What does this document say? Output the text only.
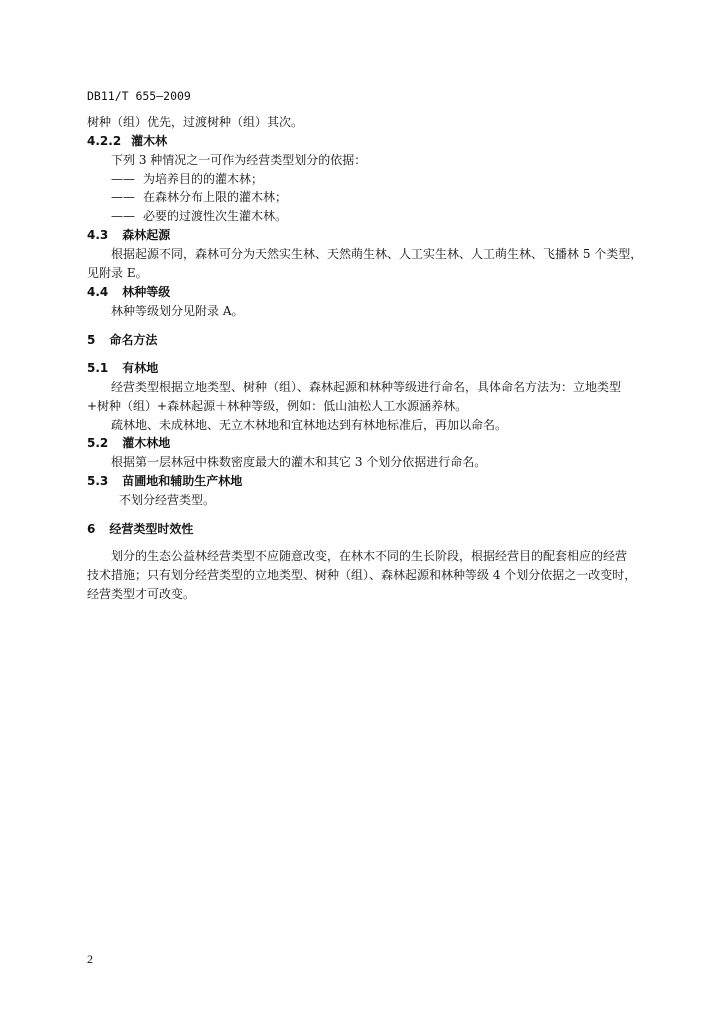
DB11/T 655—2009
树种（组）优先，过渡树种（组）其次。
4.2.2 灌木林
下列 3 种情况之一可作为经营类型划分的依据：
—— 为培养目的的灌木林；
—— 在森林分布上限的灌木林；
—— 必要的过渡性次生灌木林。
4.3 森林起源
根据起源不同，森林可分为天然实生林、天然萌生林、人工实生林、人工萌生林、飞播林 5 个类型，
见附录 E。
4.4 林种等级
林种等级划分见附录 A。
5 命名方法
5.1 有林地
经营类型根据立地类型、树种（组）、森林起源和林种等级进行命名，具体命名方法为：立地类型
+树种（组）+森林起源＋林种等级，例如：低山油松人工水源涵养林。
疏林地、未成林地、无立木林地和宜林地达到有林地标准后，再加以命名。
5.2 灌木林地
根据第一层林冠中株数密度最大的灌木和其它 3 个划分依据进行命名。
5.3 苗圃地和辅助生产林地
不划分经营类型。
6 经营类型时效性
划分的生态公益林经营类型不应随意改变，在林木不同的生长阶段，根据经营目的配套相应的经营
技术措施；只有划分经营类型的立地类型、树种（组）、森林起源和林种等级 4 个划分依据之一改变时，
经营类型才可改变。
2
